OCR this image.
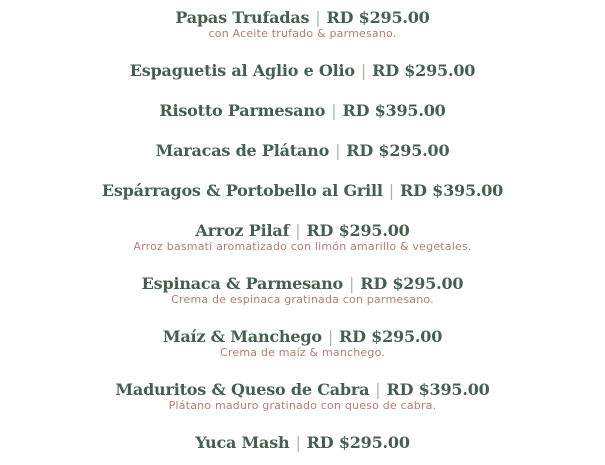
Papas Trufadas | RD $295.00
con Aceite trufado & parmesano.
Espaguetis al Aglio e Olio | RD $295.00
Risotto Parmesano | RD $395.00
Maracas de Plátano | RD $295.00
Espárragos & Portobello al Grill | RD $395.00
Arroz Pilaf | RD $295.00
Arroz basmati aromatizado con limón amarillo & vegetales.
Espinaca & Parmesano | RD $295.00
Crema de espinaca gratinada con parmesano.
Maíz & Manchego | RD $295.00
Crema de maíz & manchego.
Maduritos & Queso de Cabra | RD $395.00
Plátano maduro gratinado con queso de cabra.
Yuca Mash | RD $295.00
